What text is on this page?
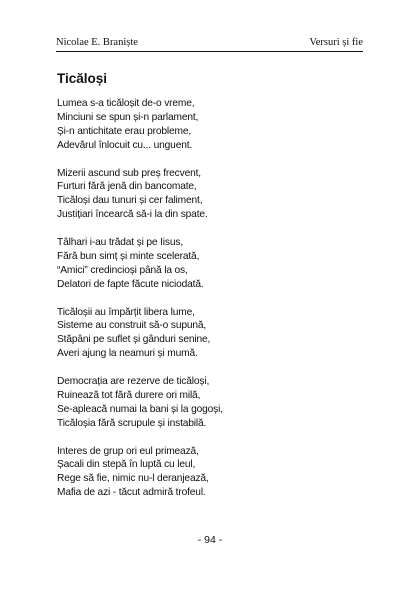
Nicolae E. Braniște	Versuri și fie
Ticăloși
Lumea s-a ticăloșit de-o vreme,
Minciuni se spun și-n parlament,
Și-n antichitate erau probleme,
Adevărul înlocuit cu... unguent.
Mizerii ascund sub preș frecvent,
Furturi fără jenă din bancomate,
Ticăloși dau tunuri și cer faliment,
Justițiari încearcă să-i la din spate.
Tâlhari i-au trădat și pe Iisus,
Fără bun simț și minte scelerată,
“Amici” credincioși până la os,
Delatori de fapte făcute niciodată.
Ticăloșii au împărțit libera lume,
Sisteme au construit să-o supună,
Stăpâni pe suflet și gânduri senine,
Averi ajung la neamuri și mumă.
Democrația are rezerve de ticăloși,
Ruinează tot fără durere ori milă,
Se-apleacă numai la bani și la gogoși,
Ticăloșia fără scrupule și instabilă.
Interes de grup ori eul primează,
Șacali din stepă în luptă cu leul,
Rege să fie, nimic nu-l deranjează,
Mafia de azi - tăcut admiră trofeul.
- 94 -
